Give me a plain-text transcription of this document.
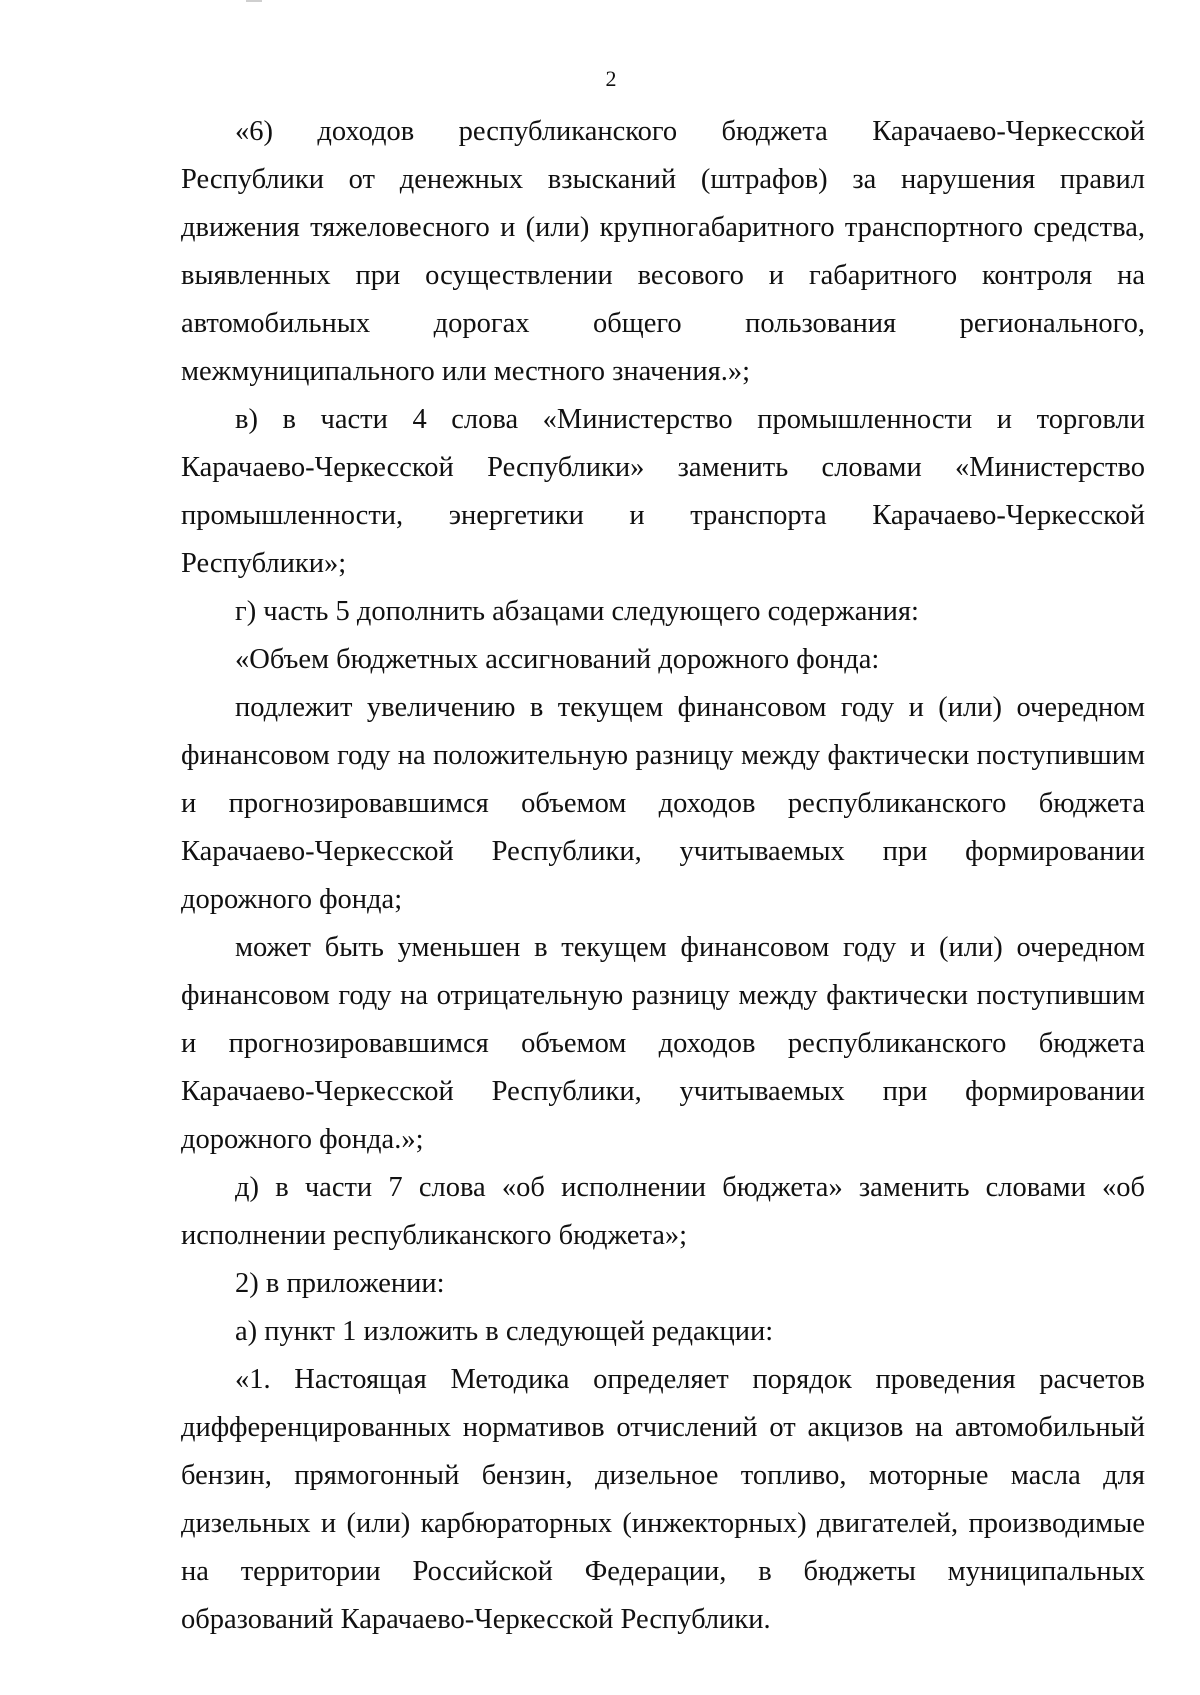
2

«6) доходов республиканского бюджета Карачаево-Черкесской Республики от денежных взысканий (штрафов) за нарушения правил движения тяжеловесного и (или) крупногабаритного транспортного средства, выявленных при осуществлении весового и габаритного контроля на автомобильных дорогах общего пользования регионального, межмуниципального или местного значения.»;

в) в части 4 слова «Министерство промышленности и торговли Карачаево-Черкесской Республики» заменить словами «Министерство промышленности, энергетики и транспорта Карачаево-Черкесской Республики»;

г) часть 5 дополнить абзацами следующего содержания:

«Объем бюджетных ассигнований дорожного фонда:

подлежит увеличению в текущем финансовом году и (или) очередном финансовом году на положительную разницу между фактически поступившим и прогнозировавшимся объемом доходов республиканского бюджета Карачаево-Черкесской Республики, учитываемых при формировании дорожного фонда;

может быть уменьшен в текущем финансовом году и (или) очередном финансовом году на отрицательную разницу между фактически поступившим и прогнозировавшимся объемом доходов республиканского бюджета Карачаево-Черкесской Республики, учитываемых при формировании дорожного фонда.»;

д) в части 7 слова «об исполнении бюджета» заменить словами «об исполнении республиканского бюджета»;

2) в приложении:

а) пункт 1 изложить в следующей редакции:

«1. Настоящая Методика определяет порядок проведения расчетов дифференцированных нормативов отчислений от акцизов на автомобильный бензин, прямогонный бензин, дизельное топливо, моторные масла для дизельных и (или) карбюраторных (инжекторных) двигателей, производимые на территории Российской Федерации, в бюджеты муниципальных образований Карачаево-Черкесской Республики.
